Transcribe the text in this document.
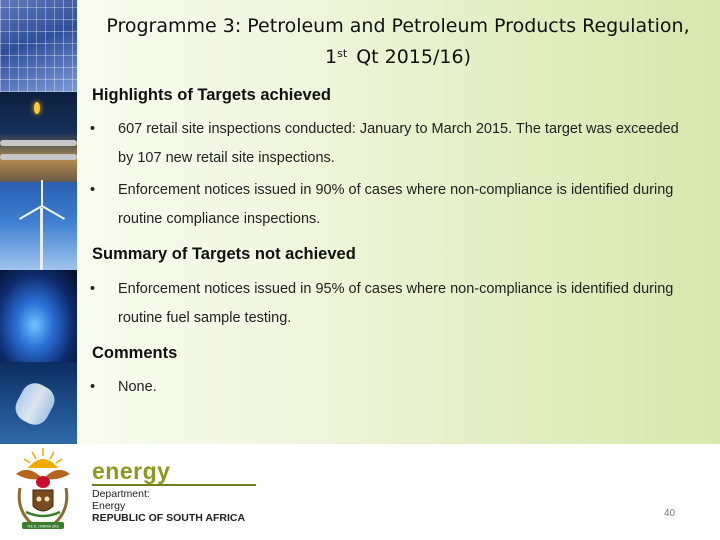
Programme 3: Petroleum and Petroleum Products Regulation,
1st Qt 2015/16)
Highlights of Targets achieved
• 607 retail site inspections conducted: January to March 2015. The target was exceeded by 107 new retail site inspections.
• Enforcement notices issued in 90% of cases where non-compliance is identified during routine compliance inspections.
Summary of Targets not achieved
• Enforcement notices issued in 95% of cases where non-compliance is identified during routine fuel sample testing.
Comments
• None.
!KE E: /XARRA //KE
energy
Department:
Energy
REPUBLIC OF SOUTH AFRICA	40
